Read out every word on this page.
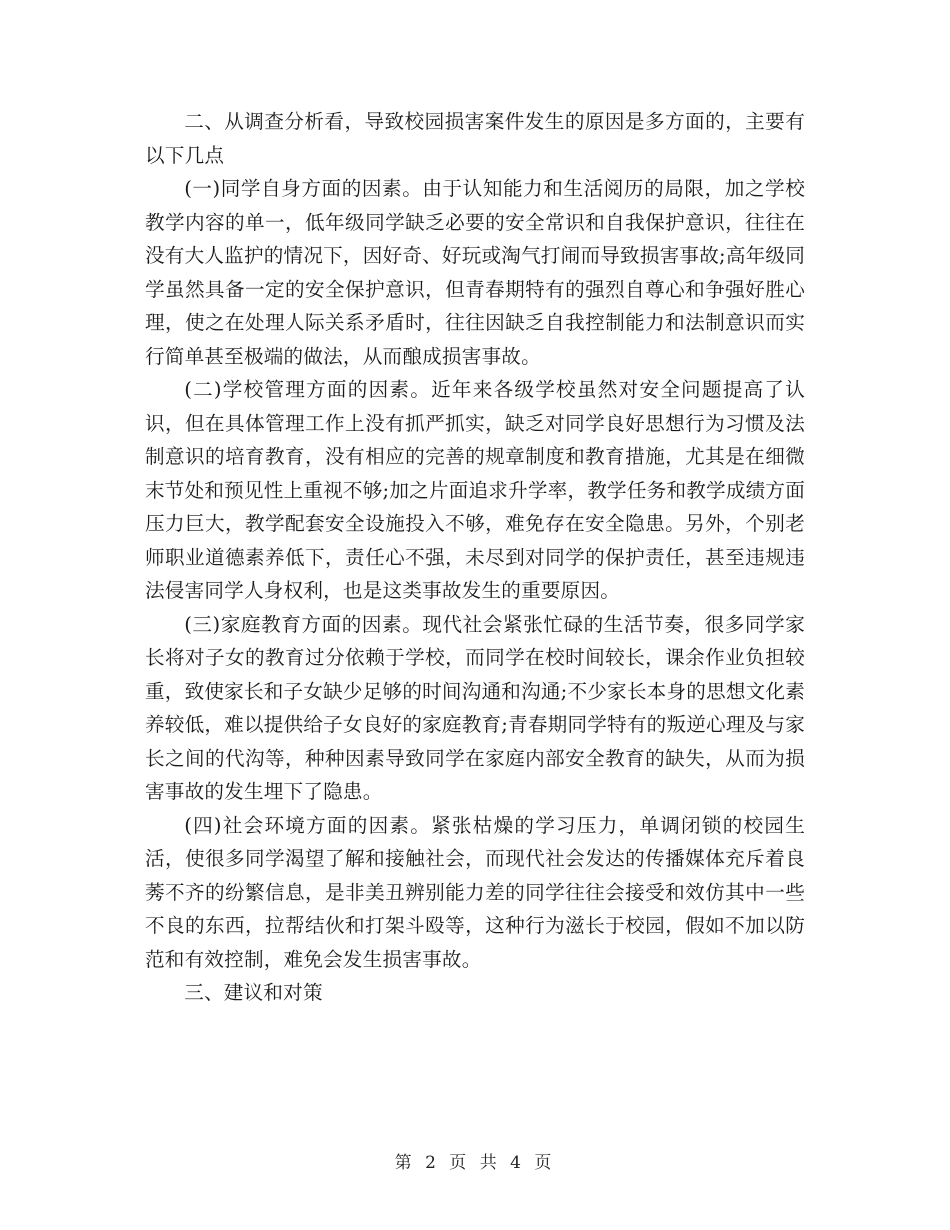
二、从调查分析看，导致校园损害案件发生的原因是多方面的，主要有以下几点

(一)同学自身方面的因素。由于认知能力和生活阅历的局限，加之学校教学内容的单一，低年级同学缺乏必要的安全常识和自我保护意识，往往在没有大人监护的情况下，因好奇、好玩或淘气打闹而导致损害事故;高年级同学虽然具备一定的安全保护意识，但青春期特有的强烈自尊心和争强好胜心理，使之在处理人际关系矛盾时，往往因缺乏自我控制能力和法制意识而实行简单甚至极端的做法，从而酿成损害事故。

(二)学校管理方面的因素。近年来各级学校虽然对安全问题提高了认识，但在具体管理工作上没有抓严抓实，缺乏对同学良好思想行为习惯及法制意识的培育教育，没有相应的完善的规章制度和教育措施，尤其是在细微末节处和预见性上重视不够;加之片面追求升学率，教学任务和教学成绩方面压力巨大，教学配套安全设施投入不够，难免存在安全隐患。另外，个别老师职业道德素养低下，责任心不强，未尽到对同学的保护责任，甚至违规违法侵害同学人身权利，也是这类事故发生的重要原因。

(三)家庭教育方面的因素。现代社会紧张忙碌的生活节奏，很多同学家长将对子女的教育过分依赖于学校，而同学在校时间较长，课余作业负担较重，致使家长和子女缺少足够的时间沟通和沟通;不少家长本身的思想文化素养较低，难以提供给子女良好的家庭教育;青春期同学特有的叛逆心理及与家长之间的代沟等，种种因素导致同学在家庭内部安全教育的缺失，从而为损害事故的发生埋下了隐患。

(四)社会环境方面的因素。紧张枯燥的学习压力，单调闭锁的校园生活，使很多同学渴望了解和接触社会，而现代社会发达的传播媒体充斥着良莠不齐的纷繁信息，是非美丑辨别能力差的同学往往会接受和效仿其中一些不良的东西，拉帮结伙和打架斗殴等，这种行为滋长于校园，假如不加以防范和有效控制，难免会发生损害事故。

三、建议和对策

第 2 页 共 4 页
